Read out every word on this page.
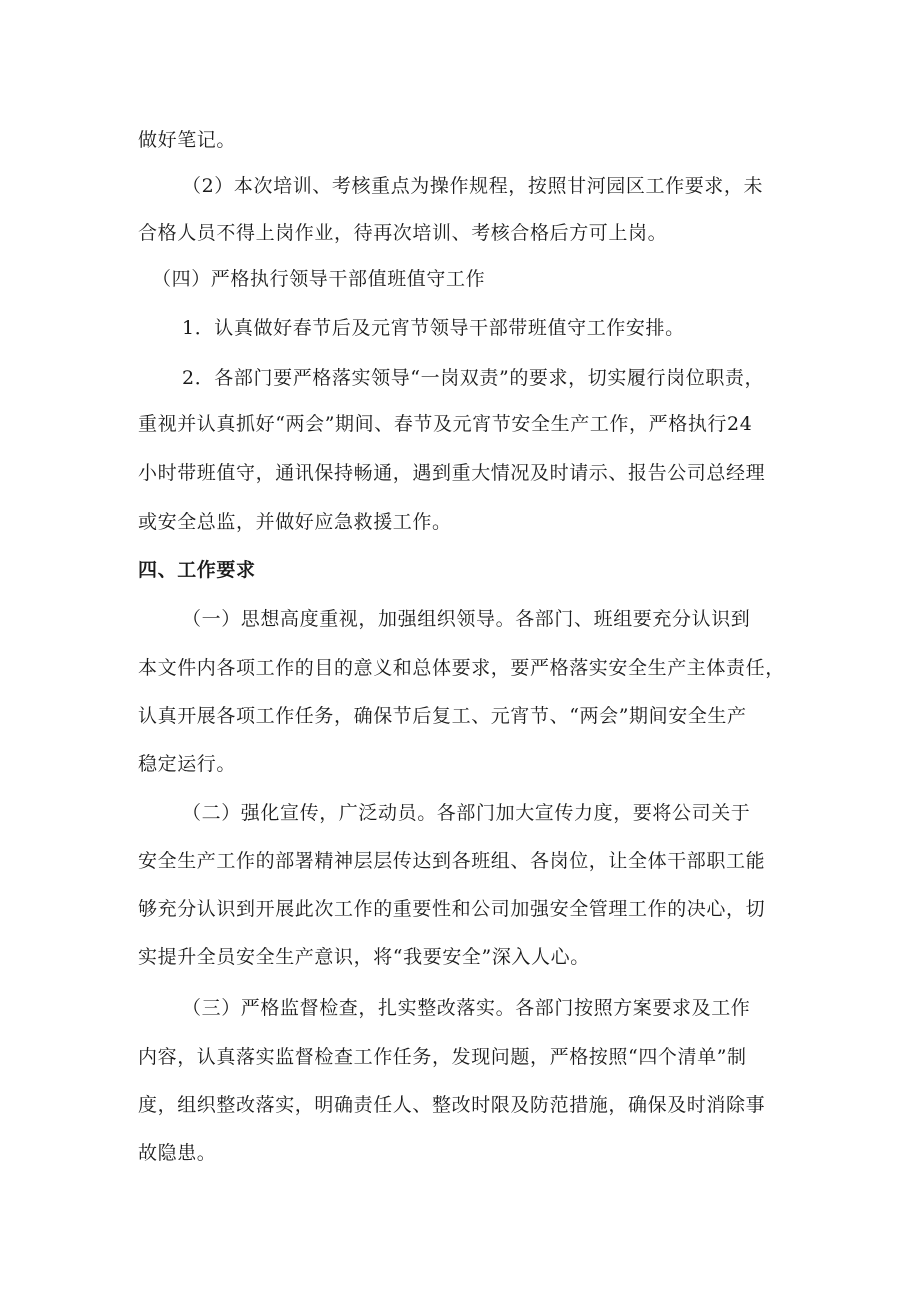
做好笔记。
（2）本次培训、考核重点为操作规程，按照甘河园区工作要求，未
合格人员不得上岗作业，待再次培训、考核合格后方可上岗。
（四）严格执行领导干部值班值守工作
1．认真做好春节后及元宵节领导干部带班值守工作安排。
2．各部门要严格落实领导“一岗双责”的要求，切实履行岗位职责，
重视并认真抓好“两会”期间、春节及元宵节安全生产工作，严格执行24
小时带班值守，通讯保持畅通，遇到重大情况及时请示、报告公司总经理
或安全总监，并做好应急救援工作。
四、工作要求
（一）思想高度重视，加强组织领导。各部门、班组要充分认识到
本文件内各项工作的目的意义和总体要求，要严格落实安全生产主体责任，
认真开展各项工作任务，确保节后复工、元宵节、“两会”期间安全生产
稳定运行。
（二）强化宣传，广泛动员。各部门加大宣传力度，要将公司关于
安全生产工作的部署精神层层传达到各班组、各岗位，让全体干部职工能
够充分认识到开展此次工作的重要性和公司加强安全管理工作的决心，切
实提升全员安全生产意识，将“我要安全”深入人心。
（三）严格监督检查，扎实整改落实。各部门按照方案要求及工作
内容，认真落实监督检查工作任务，发现问题，严格按照“四个清单”制
度，组织整改落实，明确责任人、整改时限及防范措施，确保及时消除事
故隐患。
